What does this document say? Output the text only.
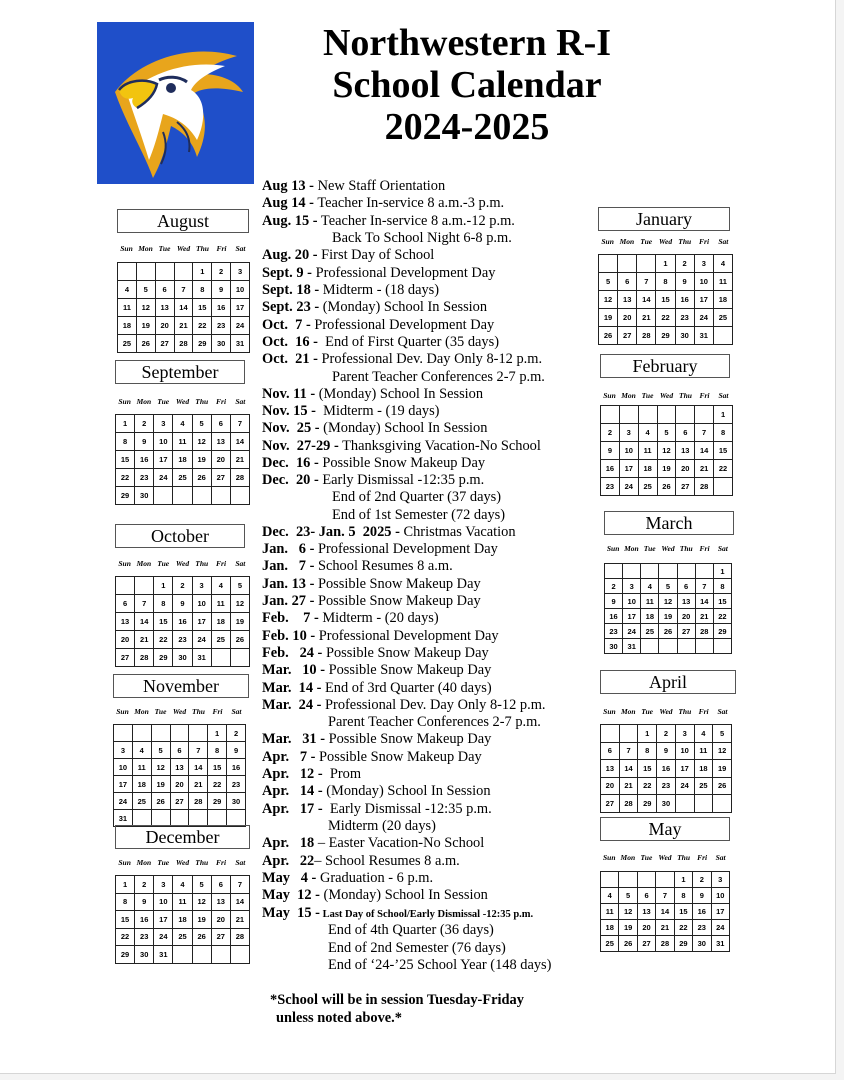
Northwestern R-I
School Calendar
2024-2025
Aug 13 - New Staff Orientation
Aug 14 - Teacher In-service 8 a.m.-3 p.m.
Aug. 15 - Teacher In-service 8 a.m.-12 p.m.
Back To School Night 6-8 p.m.
Aug. 20 - First Day of School
Sept. 9 - Professional Development Day
Sept. 18 - Midterm - (18 days)
Sept. 23 - (Monday) School In Session
Oct.  7 - Professional Development Day
Oct.  16 -  End of First Quarter (35 days)
Oct.  21 - Professional Dev. Day Only 8-12 p.m.
Parent Teacher Conferences 2-7 p.m.
Nov. 11 - (Monday) School In Session
Nov. 15 -  Midterm - (19 days)
Nov.  25 - (Monday) School In Session
Nov.  27-29 - Thanksgiving Vacation-No School
Dec.  16 - Possible Snow Makeup Day
Dec.  20 - Early Dismissal -12:35 p.m.
End of 2nd Quarter (37 days)
End of 1st Semester (72 days)
Dec.  23- Jan. 5  2025 - Christmas Vacation
Jan.   6 - Professional Development Day
Jan.   7 - School Resumes 8 a.m.
Jan. 13 - Possible Snow Makeup Day
Jan. 27 - Possible Snow Makeup Day
Feb.    7 - Midterm - (20 days)
Feb. 10 - Professional Development Day
Feb.   24 - Possible Snow Makeup Day
Mar.   10 - Possible Snow Makeup Day
Mar.  14 - End of 3rd Quarter (40 days)
Mar.  24 - Professional Dev. Day Only 8-12 p.m.
Parent Teacher Conferences 2-7 p.m.
Mar.   31 - Possible Snow Makeup Day
Apr.   7 - Possible Snow Makeup Day
Apr.   12 -  Prom
Apr.   14 - (Monday) School In Session
Apr.   17 -  Early Dismissal -12:35 p.m.
Midterm (20 days)
Apr.   18 – Easter Vacation-No School
Apr.   22– School Resumes 8 a.m.
May   4 - Graduation - 6 p.m.
May  12 - (Monday) School In Session
May  15 - Last Day of School/Early Dismissal -12:35 p.m.
End of 4th Quarter (36 days)
End of 2nd Semester (76 days)
End of ‘24-’25 School Year (148 days)
*School will be in session Tuesday-Friday
unless noted above.*
August
Sun Mon Tue Wed Thu	Fri	Sat
				1	2	3
4	5	6	7	8	9	10
11	12	13	14	15	16	17
18	19	20	21	22	23	24
25	26	27	28	29	30	31
September
Sun Mon Tue Wed Thu	Fri	Sat
1	2	3	4	5	6	7
8	9	10	11	12	13	14
15	16	17	18	19	20	21
22	23	24	25	26	27	28
29	30					
October
Sun Mon Tue Wed Thu	Fri	Sat
		1	2	3	4	5
6	7	8	9	10	11	12
13	14	15	16	17	18	19
20	21	22	23	24	25	26
27	28	29	30	31		
November
Sun Mon Tue Wed Thu	Fri	Sat
					1	2
3	4	5	6	7	8	9
10	11	12	13	14	15	16
17	18	19	20	21	22	23
24	25	26	27	28	29	30
31						
December
Sun Mon Tue Wed Thu	Fri	Sat
1	2	3	4	5	6	7
8	9	10	11	12	13	14
15	16	17	18	19	20	21
22	23	24	25	26	27	28
29	30	31				
January
Sun Mon Tue Wed Thu	Fri	Sat
			1	2	3	4
5	6	7	8	9	10	11
12	13	14	15	16	17	18
19	20	21	22	23	24	25
26	27	28	29	30	31	
February
Sun Mon Tue Wed Thu	Fri	Sat
						1
2	3	4	5	6	7	8
9	10	11	12	13	14	15
16	17	18	19	20	21	22
23	24	25	26	27	28	
March
Sun Mon Tue Wed Thu Fri	Sat
						1
2	3	4	5	6	7	8
9	10	11	12	13	14	15
16	17	18	19	20	21	22
23	24	25	26	27	28	29
30	31					
April
Sun Mon Tue Wed Thu Fri	Sat
		1	2	3	4	5
6	7	8	9	10	11	12
13	14	15	16	17	18	19
20	21	22	23	24	25	26
27	28	29	30			
May
Sun Mon Tue Wed Thu Fri	Sat
				1	2	3
4	5	6	7	8	9	10
11	12	13	14	15	16	17
18	19	20	21	22	23	24
25	26	27	28	29	30	31
